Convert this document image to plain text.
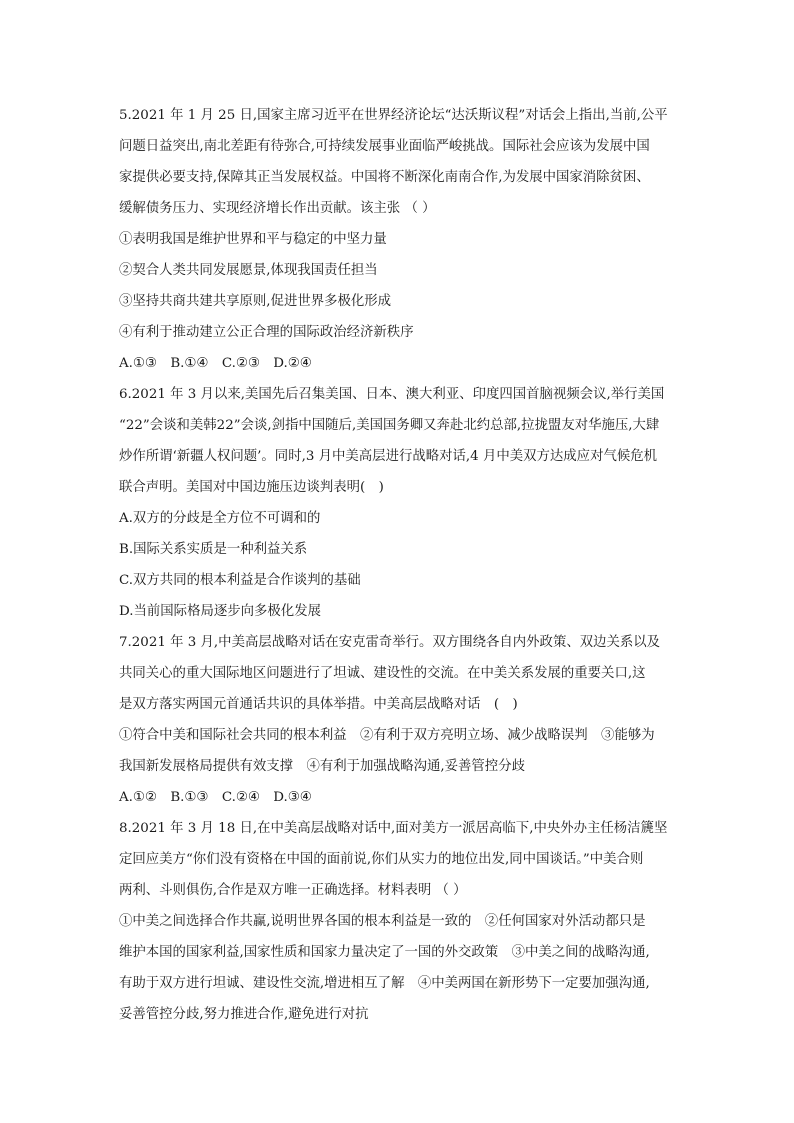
5.2021 年 1 月 25 日,国家主席习近平在世界经济论坛“达沃斯议程”对话会上指出,当前,公平
问题日益突出,南北差距有待弥合,可持续发展事业面临严峻挑战。国际社会应该为发展中国
家提供必要支持,保障其正当发展权益。中国将不断深化南南合作,为发展中国家消除贫困、
缓解债务压力、实现经济增长作出贡献。该主张 （ ）
①表明我国是维护世界和平与稳定的中坚力量
②契合人类共同发展愿景,体现我国责任担当
③坚持共商共建共享原则,促进世界多极化形成
④有利于推动建立公正合理的国际政治经济新秩序
A.①③　B.①④　C.②③　D.②④
6.2021 年 3 月以来,美国先后召集美国、日本、澳大利亚、印度四国首脑视频会议,举行美国
“22”会谈和美韩22”会谈,剑指中国随后,美国国务卿又奔赴北约总部,拉拢盟友对华施压,大肆
炒作所谓‘新疆人权问题’。同时,3 月中美高层进行战略对话,4 月中美双方达成应对气候危机
联合声明。美国对中国边施压边谈判表明(　)
A.双方的分歧是全方位不可调和的
B.国际关系实质是一种利益关系
C.双方共同的根本利益是合作谈判的基础
D.当前国际格局逐步向多极化发展
7.2021 年 3 月,中美高层战略对话在安克雷奇举行。双方围绕各自内外政策、双边关系以及
共同关心的重大国际地区问题进行了坦诚、建设性的交流。在中美关系发展的重要关口,这
是双方落实两国元首通话共识的具体举措。中美高层战略对话　(　)
①符合中美和国际社会共同的根本利益　②有利于双方亮明立场、减少战略误判　③能够为
我国新发展格局提供有效支撑　④有利于加强战略沟通,妥善管控分歧
A.①②　B.①③　C.②④　D.③④
8.2021 年 3 月 18 日,在中美高层战略对话中,面对美方一派居高临下,中央外办主任杨洁篪坚
定回应美方“你们没有资格在中国的面前说,你们从实力的地位出发,同中国谈话。”中美合则
两利、斗则俱伤,合作是双方唯一正确选择。材料表明 （ ）
①中美之间选择合作共赢,说明世界各国的根本利益是一致的　②任何国家对外活动都只是
维护本国的国家利益,国家性质和国家力量决定了一国的外交政策　③中美之间的战略沟通,
有助于双方进行坦诚、建设性交流,增进相互了解　④中美两国在新形势下一定要加强沟通,
妥善管控分歧,努力推进合作,避免进行对抗
